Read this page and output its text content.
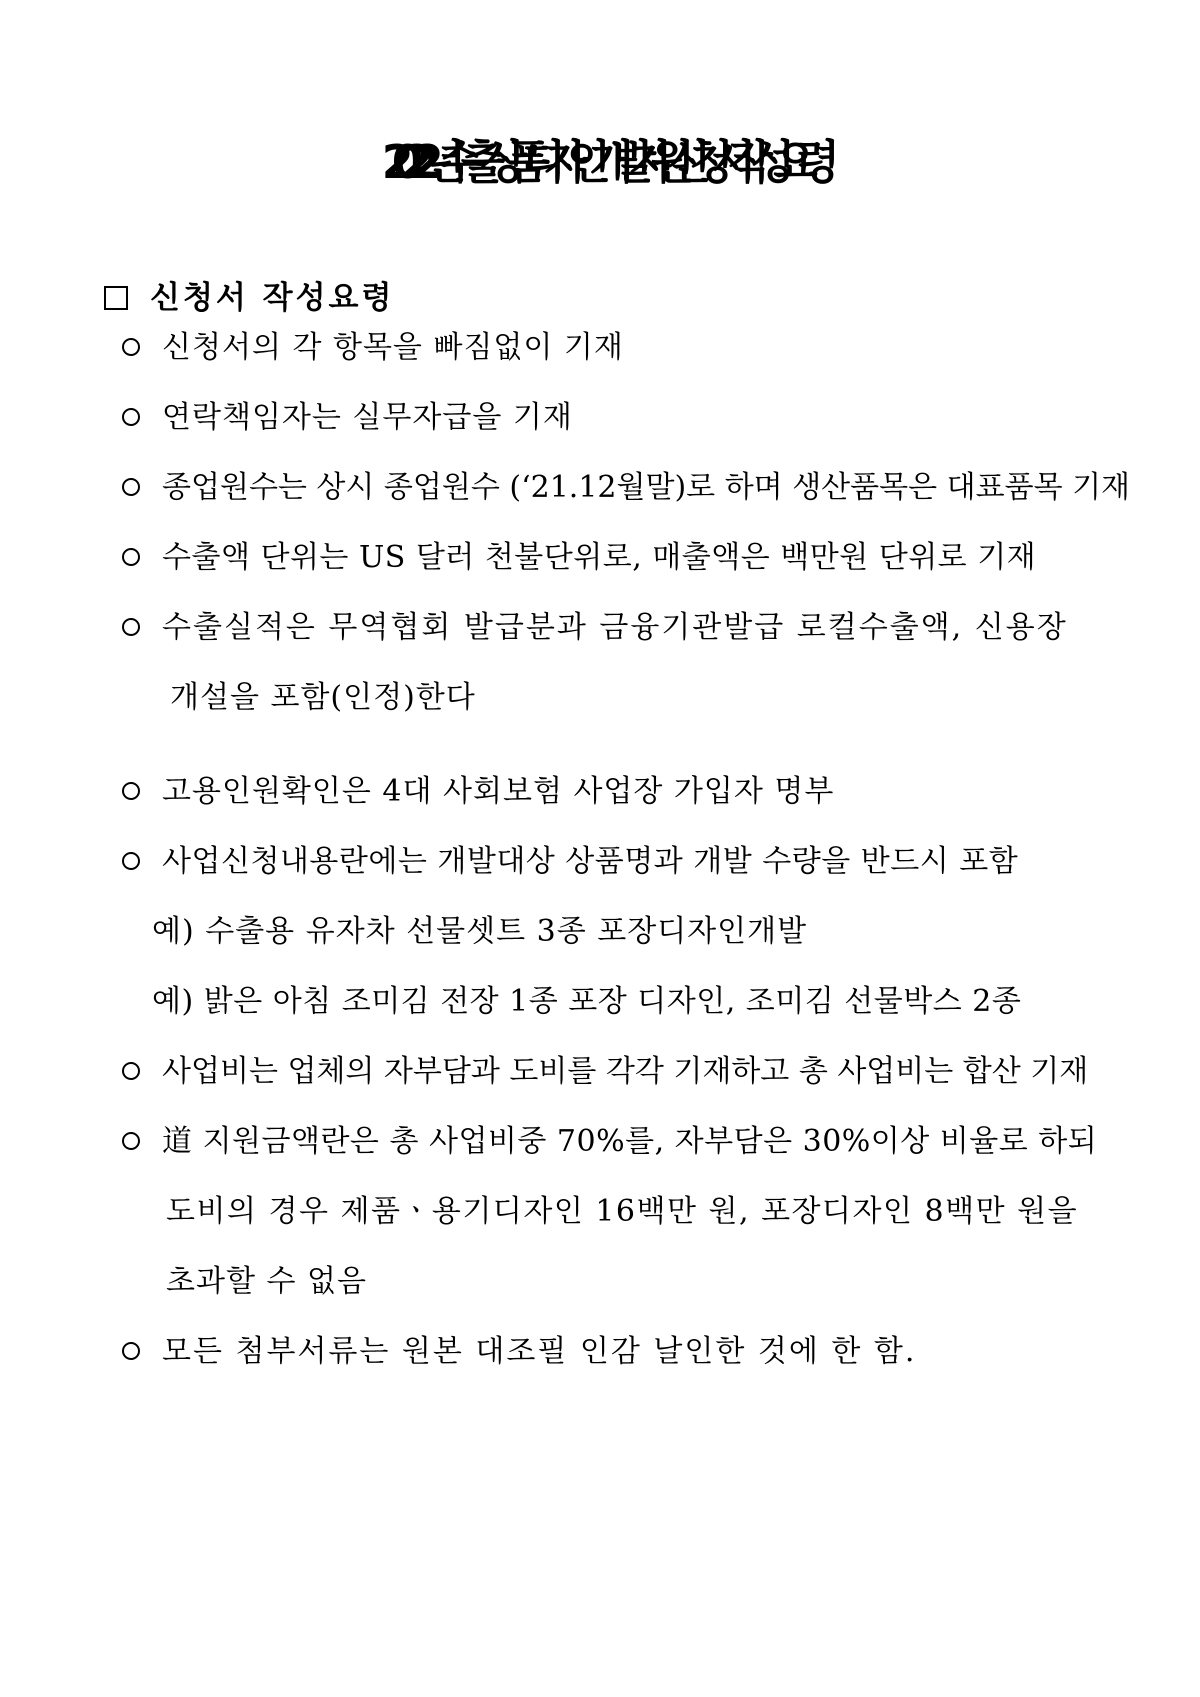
2022년 수출상품 디자인개발 지원 신청서 작성요령
신청서 작성요령
신청서의 각 항목을 빠짐없이 기재
연락책임자는 실무자급을 기재
종업원수는 상시 종업원수 (‘21.12월말)로 하며 생산품목은 대표품목 기재
수출액 단위는 US 달러 천불단위로, 매출액은 백만원 단위로 기재
수출실적은 무역협회 발급분과 금융기관발급 로컬수출액, 신용장
개설을 포함(인정)한다
고용인원확인은 4대 사회보험 사업장 가입자 명부
사업신청내용란에는 개발대상 상품명과 개발 수량을 반드시 포함
예) 수출용 유자차 선물셋트 3종 포장디자인개발
예) 밝은 아침 조미김 전장 1종 포장 디자인, 조미김 선물박스 2종
사업비는 업체의 자부담과 도비를 각각 기재하고 총 사업비는 합산 기재
道 지원금액란은 총 사업비중 70%를, 자부담은 30%이상 비율로 하되
도비의 경우 제품ㆍ용기디자인 16백만 원, 포장디자인 8백만 원을
초과할 수 없음
모든 첨부서류는 원본 대조필 인감 날인한 것에 한 함.
